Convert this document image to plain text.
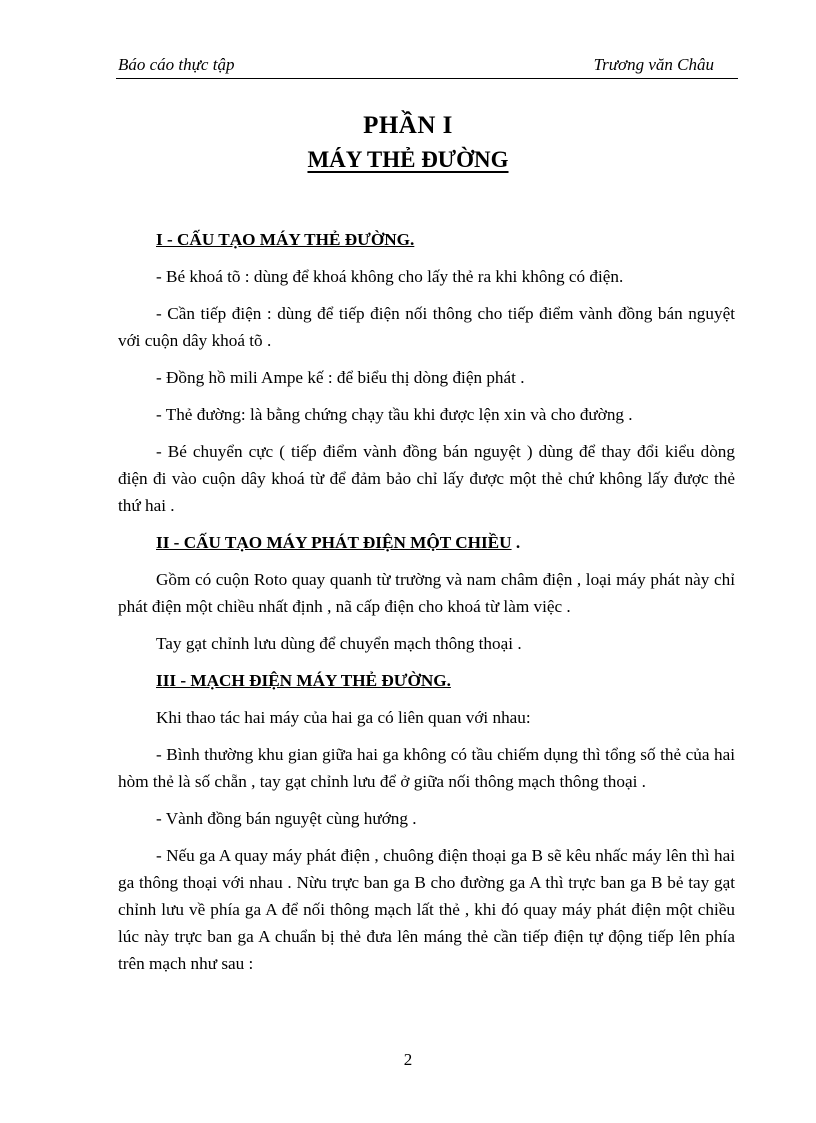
Báo cáo thực tập	Trương văn Châu
PHẦN I
MÁY THẺ ĐƯỜNG
I - CẤU TẠO MÁY THẺ ĐƯỜNG.

- Bé khoá tõ : dùng để khoá không cho lấy thẻ ra khi không có điện.

- Cần tiếp điện : dùng để tiếp điện nối thông cho tiếp điểm vành đồng bán nguyệt với cuộn dây khoá tõ .

- Đồng hồ mili Ampe kế : để biểu thị dòng điện phát .

- Thẻ đường: là bằng chứng chạy tầu khi được lện xin và cho đường .

- Bé chuyển cực ( tiếp điểm vành đồng bán nguyệt ) dùng để thay đổi kiểu dòng điện đi vào cuộn dây khoá từ để đảm bảo chỉ lấy được một thẻ chứ không lấy được thẻ thứ hai .

II - CẤU TẠO MÁY PHÁT ĐIỆN MỘT CHIỀU .

Gồm có cuộn Roto quay quanh từ trường và nam châm điện , loại máy phát này chỉ phát điện một chiều nhất định , nã cấp điện cho khoá từ làm việc .

Tay gạt chỉnh lưu dùng để chuyển mạch thông thoại .

III - MẠCH ĐIỆN MÁY THẺ ĐƯỜNG.

Khi thao tác hai máy của hai ga có liên quan với nhau:

- Bình thường khu gian giữa hai ga không có tầu chiếm dụng thì tổng số thẻ của hai hòm thẻ là số chẵn , tay gạt chỉnh lưu để ở giữa nối thông mạch thông thoại .

- Vành đồng bán nguyệt cùng hướng .

- Nếu ga A quay máy phát điện , chuông điện thoại ga B sẽ kêu nhấc máy lên thì hai ga thông thoại với nhau . Nừu trực ban ga B cho đường ga A thì trực ban ga B bẻ tay gạt chỉnh lưu về phía ga A để nối thông mạch lất thẻ , khi đó quay máy phát điện một chiều lúc này trực ban ga A chuẩn bị thẻ đưa lên máng thẻ cần tiếp điện tự động tiếp lên phía trên mạch như sau :

2
